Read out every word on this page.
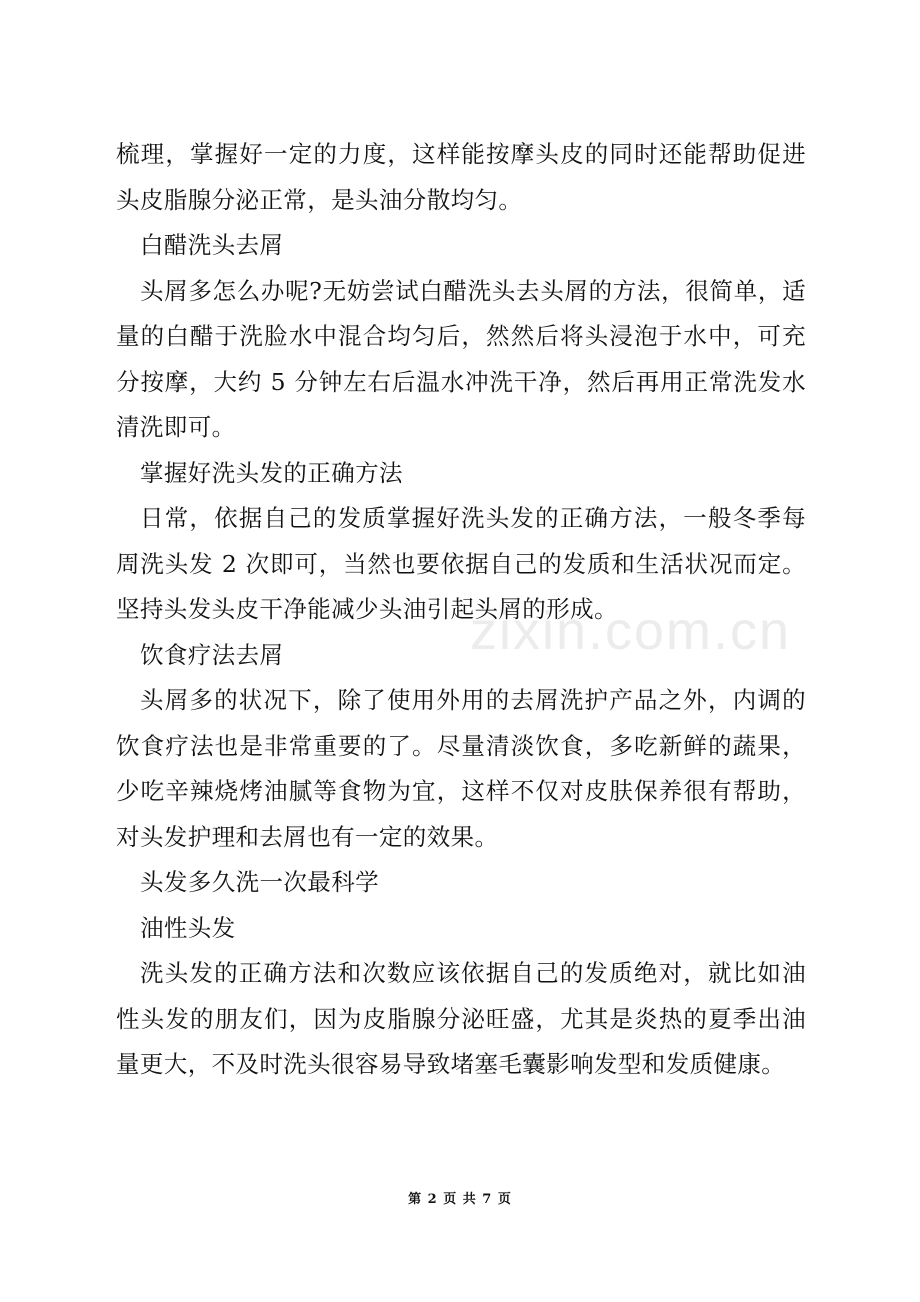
zixin.com.cn

梳理，掌握好一定的力度，这样能按摩头皮的同时还能帮助促进头皮脂腺分泌正常，是头油分散均匀。

白醋洗头去屑

头屑多怎么办呢?无妨尝试白醋洗头去头屑的方法，很简单，适量的白醋于洗脸水中混合均匀后，然然后将头浸泡于水中，可充分按摩，大约 5 分钟左右后温水冲洗干净，然后再用正常洗发水清洗即可。

掌握好洗头发的正确方法

日常，依据自己的发质掌握好洗头发的正确方法，一般冬季每周洗头发 2 次即可，当然也要依据自己的发质和生活状况而定。坚持头发头皮干净能减少头油引起头屑的形成。

饮食疗法去屑

头屑多的状况下，除了使用外用的去屑洗护产品之外，内调的饮食疗法也是非常重要的了。尽量清淡饮食，多吃新鲜的蔬果，少吃辛辣烧烤油腻等食物为宜，这样不仅对皮肤保养很有帮助，对头发护理和去屑也有一定的效果。

头发多久洗一次最科学

油性头发

洗头发的正确方法和次数应该依据自己的发质绝对，就比如油性头发的朋友们，因为皮脂腺分泌旺盛，尤其是炎热的夏季出油量更大，不及时洗头很容易导致堵塞毛囊影响发型和发质健康。

第 2 页 共 7 页
